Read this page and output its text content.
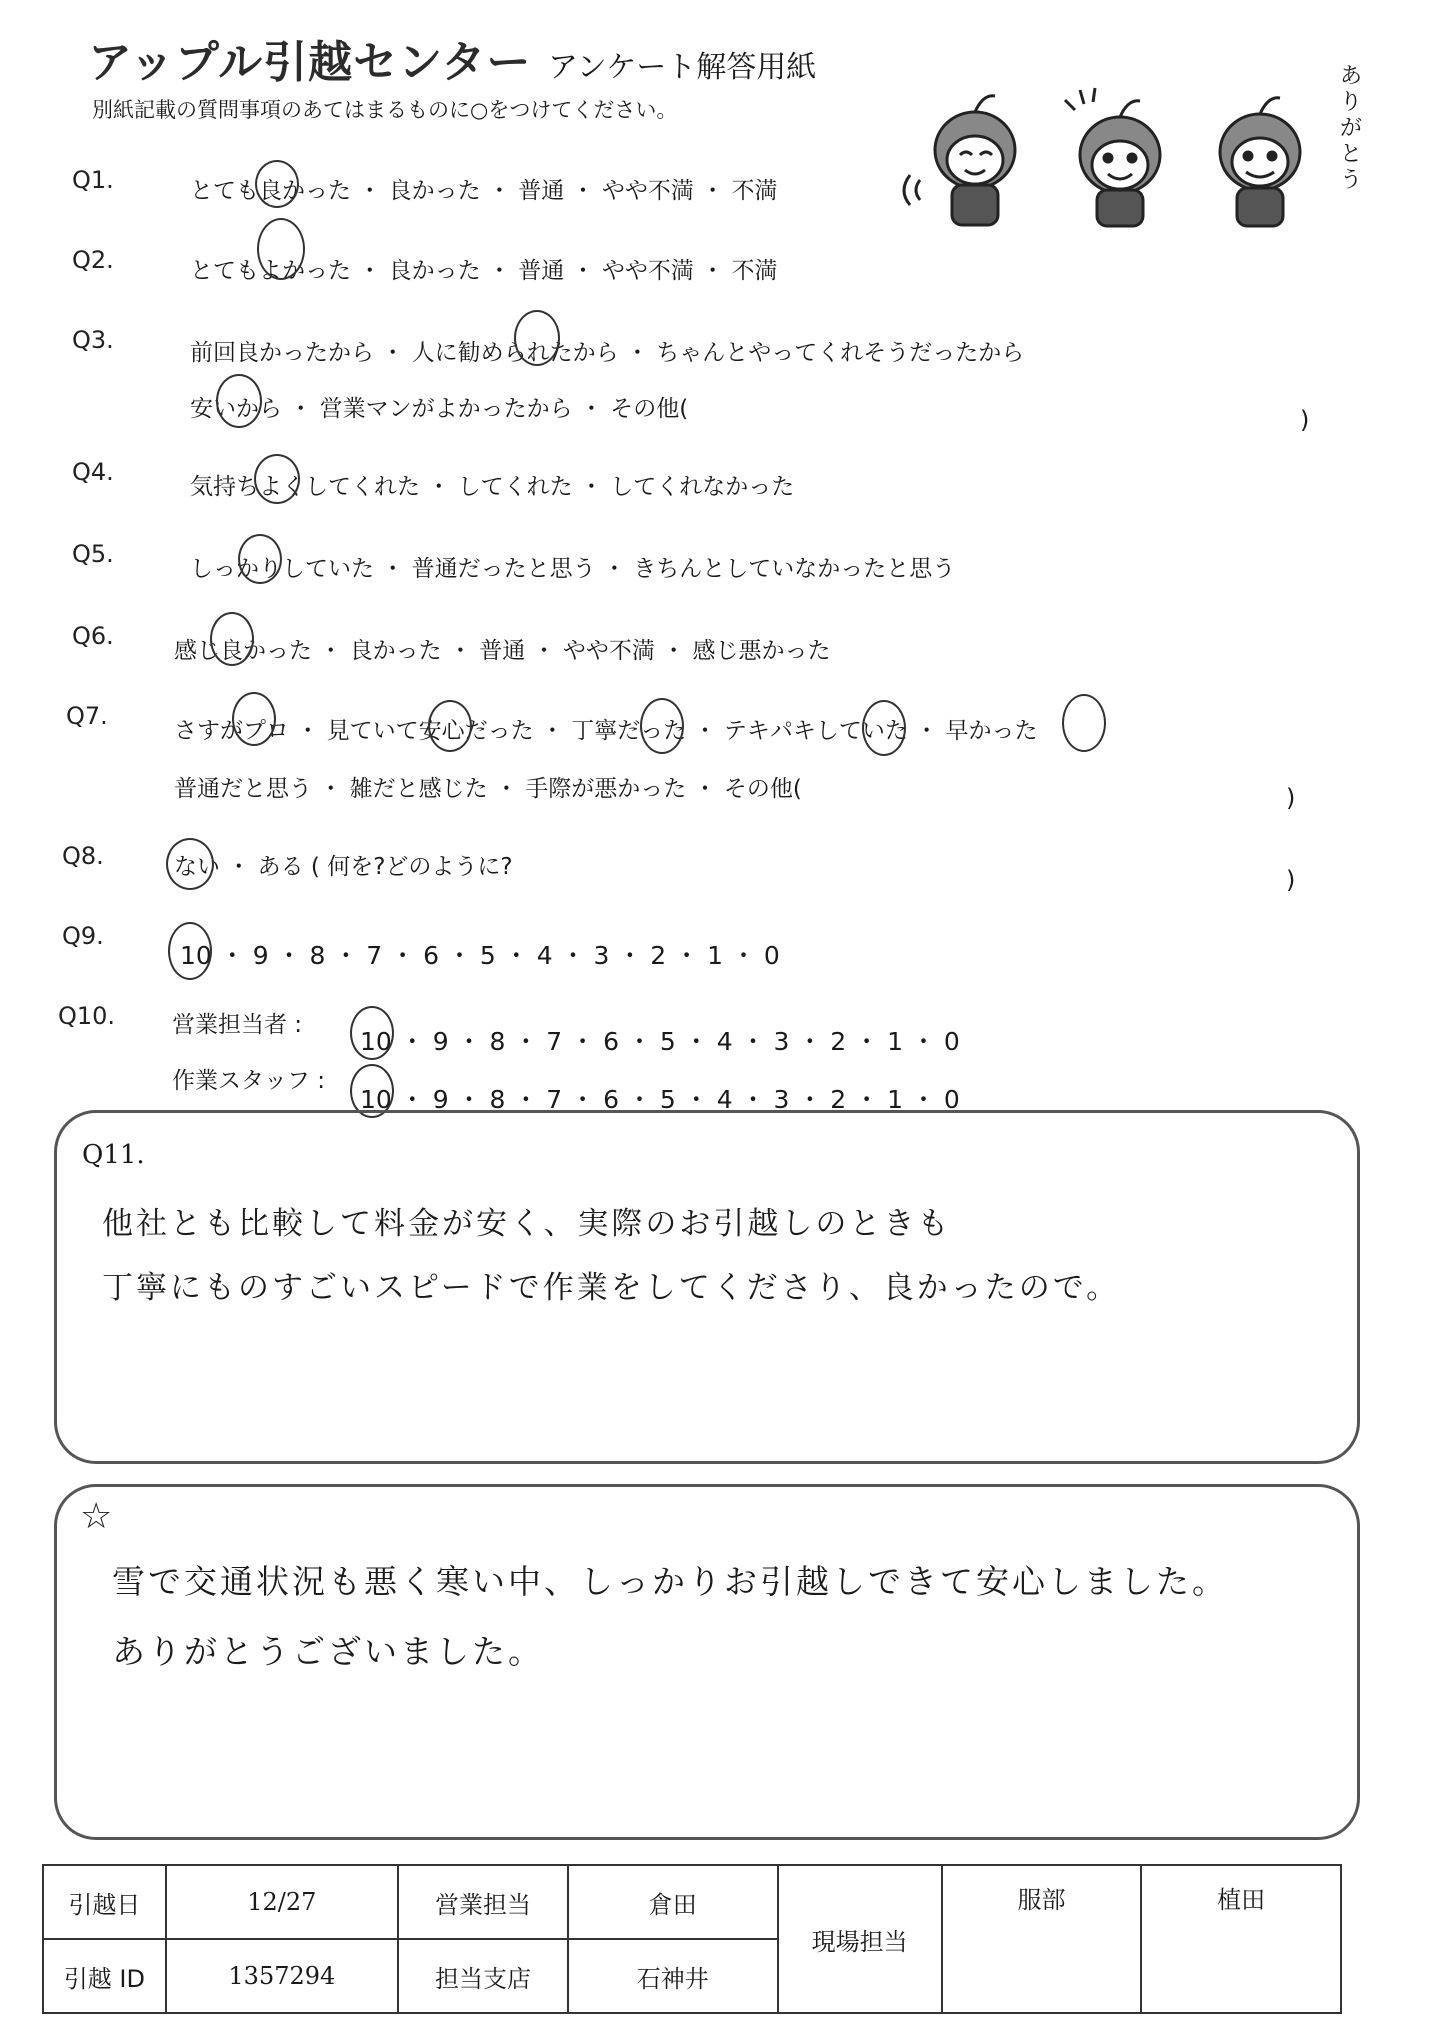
アップル引越センター アンケート解答用紙
別紙記載の質問事項のあてはまるものに○をつけてください。
ありがとう
Q1.	とても良かった ・ 良かった ・ 普通 ・ やや不満 ・ 不満
Q2.	とてもよかった ・ 良かった ・ 普通 ・ やや不満 ・ 不満
Q3.	前回良かったから ・ 人に勧められたから ・ ちゃんとやってくれそうだったから
安いから ・ 営業マンがよかったから ・ その他(	)
Q4.
気持ちよくしてくれた ・ してくれた ・ してくれなかった
Q5.
しっかりしていた ・ 普通だったと思う ・ きちんとしていなかったと思う
Q6.
感じ良かった ・ 良かった ・ 普通 ・ やや不満 ・ 感じ悪かった
Q7.
さすがプロ ・ 見ていて安心だった ・ 丁寧だった ・ テキパキしていた ・ 早かった
普通だと思う ・ 雑だと感じた ・ 手際が悪かった ・ その他(	)
Q8.	ない ・ ある ( 何を?どのように?	)
Q9.
10 ・ 9 ・ 8 ・ 7 ・ 6 ・ 5 ・ 4 ・ 3 ・ 2 ・ 1 ・ 0
Q10. 営業担当者 :
10 ・ 9 ・ 8 ・ 7 ・ 6 ・ 5 ・ 4 ・ 3 ・ 2 ・ 1 ・ 0
作業スタッフ :
10 ・ 9 ・ 8 ・ 7 ・ 6 ・ 5 ・ 4 ・ 3 ・ 2 ・ 1 ・ 0
Q11.
他社とも比較して料金が安く、実際のお引越しのときも
丁寧にものすごいスピードで作業をしてくださり、良かったので。
☆
雪で交通状況も悪く寒い中、しっかりお引越しできて安心しました。
ありがとうございました。
引越日	12/27	営業担当	倉田	現場担当	服部	植田
引越 ID	1357294	担当支店	石神井			
